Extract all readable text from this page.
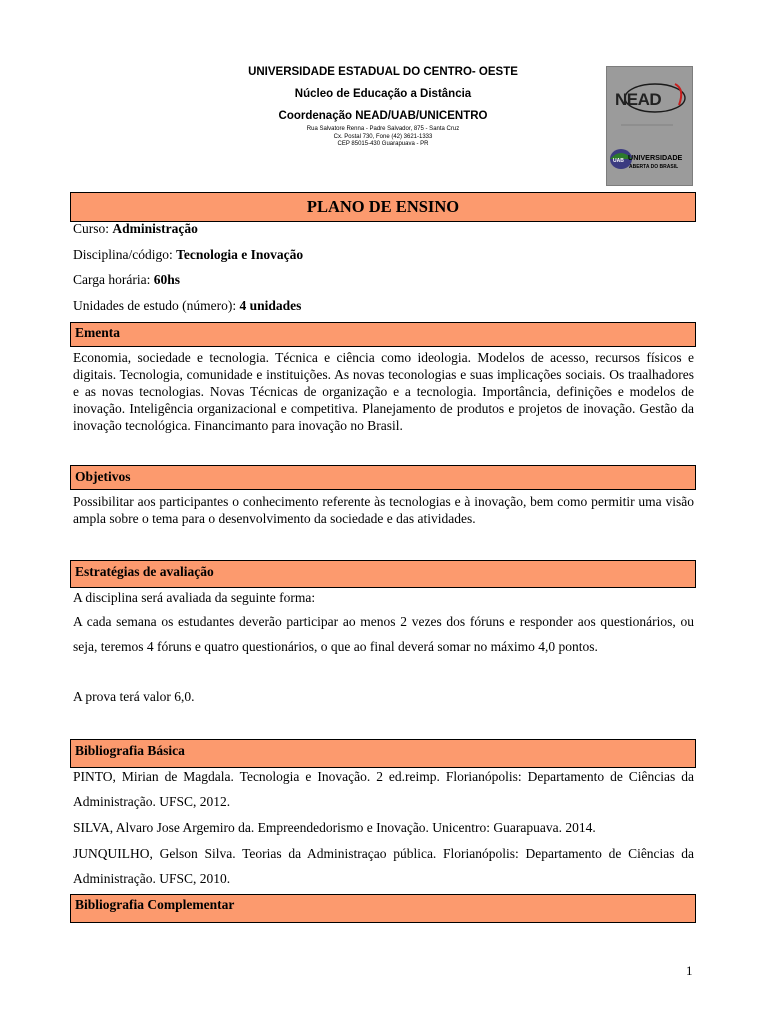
UNIVERSIDADE ESTADUAL DO CENTRO- OESTE
Núcleo de Educação a Distância
Coordenação NEAD/UAB/UNICENTRO
Rua Salvatore Renna - Padre Salvador, 875 - Santa Cruz
Cx. Postal 730, Fone (42) 3621-1333
CEP 85015-430 Guarapuava - PR
NEAD
UAB UNIVERSIDADE
ABERTA DO BRASIL
PLANO DE ENSINO
Curso: Administração
Disciplina/código: Tecnologia e Inovação
Carga horária: 60hs
Unidades de estudo (número): 4 unidades
Ementa
Economia, sociedade e tecnologia. Técnica e ciência como ideologia. Modelos de acesso, recursos físicos e digitais. Tecnologia, comunidade e instituições. As novas teconologias e suas implicações sociais. Os traalhadores e as novas tecnologias. Novas Técnicas de organização e a tecnologia. Importância, definições e modelos de inovação. Inteligência organizacional e competitiva. Planejamento de produtos e projetos de inovação. Gestão da inovação tecnológica. Financimanto para inovação no Brasil.
Objetivos
Possibilitar aos participantes o conhecimento referente às tecnologias e à inovação, bem como permitir uma visão ampla sobre o tema para o desenvolvimento da sociedade e das atividades.
Estratégias de avaliação
A disciplina será avaliada da seguinte forma:
A cada semana os estudantes deverão participar ao menos 2 vezes dos fóruns e responder aos questionários, ou seja, teremos 4 fóruns e quatro questionários, o que ao final deverá somar no máximo 4,0 pontos.
A prova terá valor 6,0.
Bibliografia Básica
PINTO, Mirian de Magdala. Tecnologia e Inovação. 2 ed.reimp. Florianópolis: Departamento de Ciências da Administração. UFSC, 2012.
SILVA, Alvaro Jose Argemiro da. Empreendedorismo e Inovação. Unicentro: Guarapuava. 2014.
JUNQUILHO, Gelson Silva. Teorias da Administraçao pública. Florianópolis: Departamento de Ciências da Administração. UFSC, 2010.
Bibliografia Complementar
1
